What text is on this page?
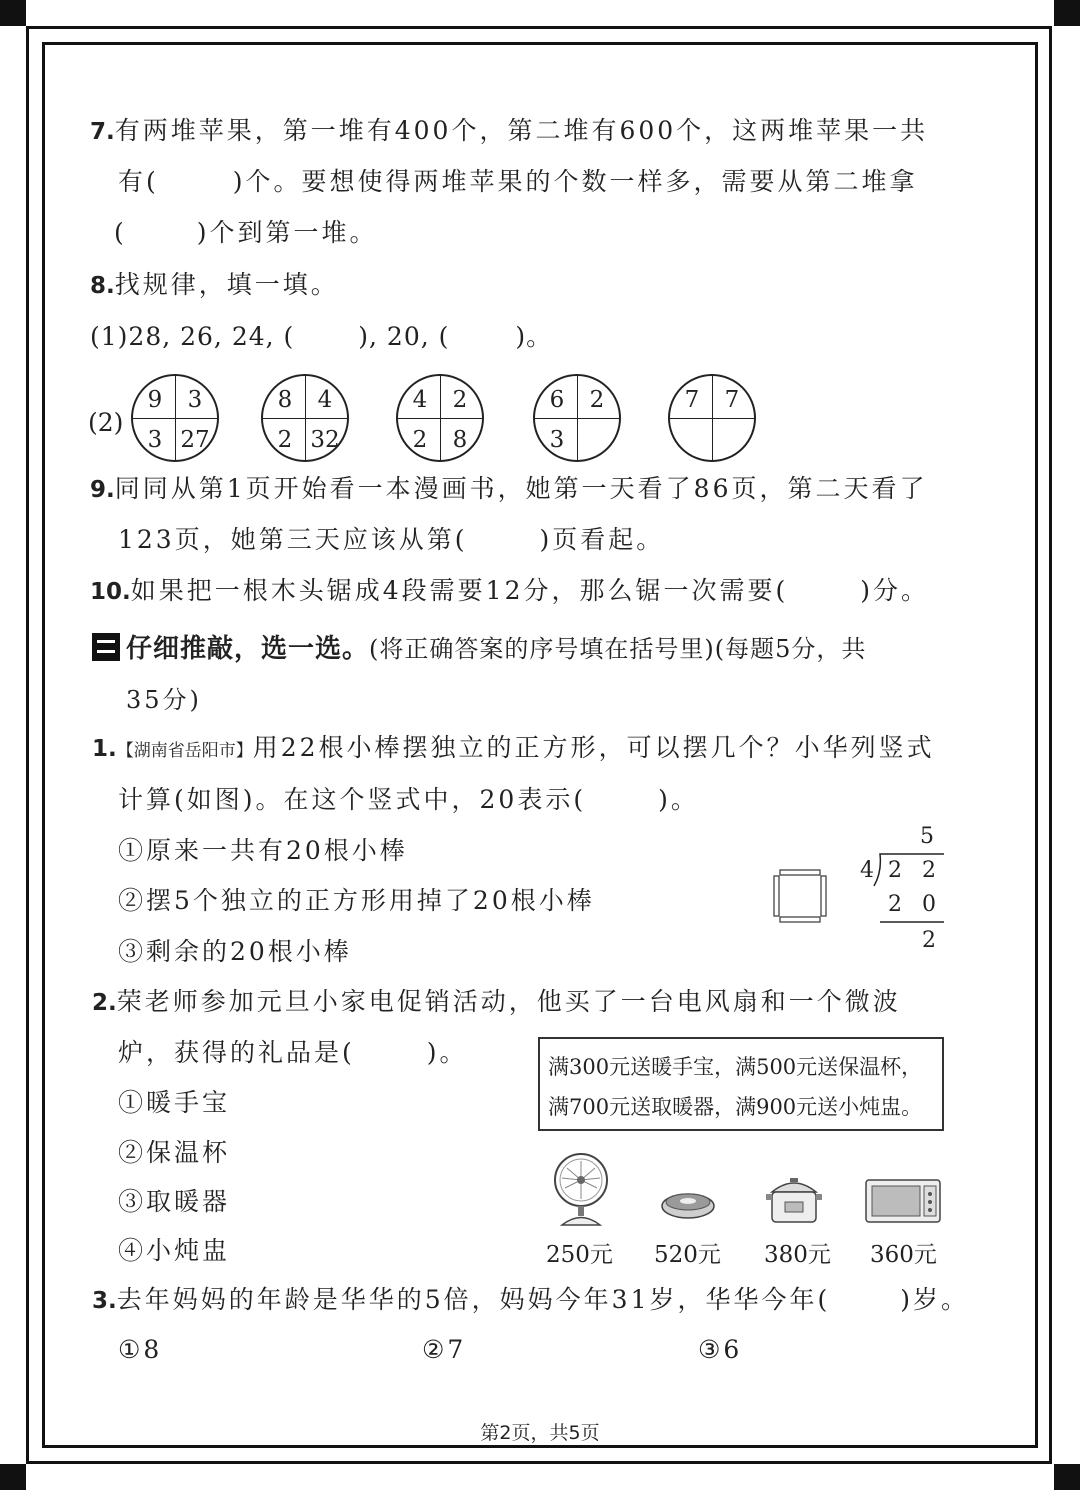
7.有两堆苹果，第一堆有400个，第二堆有600个，这两堆苹果一共
有(	)个。要想使得两堆苹果的个数一样多，需要从第二堆拿
(	)个到第一堆。
8.找规律，填一填。
(1)28, 26, 24, (	), 20, (	)。
(2)
9	3
3 27
8	4
2 32
4	2
2	8
6	2
3
7	7
9.同同从第1页开始看一本漫画书，她第一天看了86页，第二天看了
123页，她第三天应该从第(	)页看起。
10.如果把一根木头锯成4段需要12分，那么锯一次需要(	)分。
仔细推敲，选一选。(将正确答案的序号填在括号里)(每题5分，共
35分)
1.【湖南省岳阳市】用22根小棒摆独立的正方形，可以摆几个？小华列竖式
计算(如图)。在这个竖式中，20表示(	)。
①原来一共有20根小棒
②摆5个独立的正方形用掉了20根小棒
③剩余的20根小棒
5
4 2 2
2 0
2
2.荣老师参加元旦小家电促销活动，他买了一台电风扇和一个微波
炉，获得的礼品是(	)。
①暖手宝
②保温杯
③取暖器
④小炖盅
满300元送暖手宝，满500元送保温杯，
满700元送取暖器，满900元送小炖盅。
250元 520元 380元 360元
3.去年妈妈的年龄是华华的5倍，妈妈今年31岁，华华今年(	)岁。
①8	②7	③6
第2页，共5页
